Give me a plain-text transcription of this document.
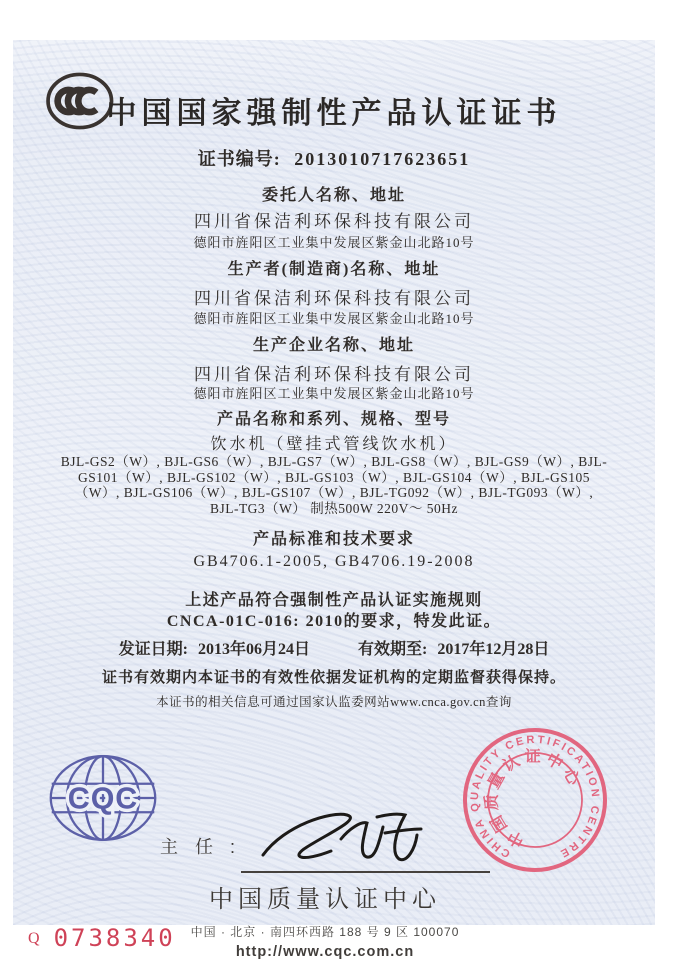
中国国家强制性产品认证证书
证书编号: 2013010717623651
委托人名称、地址
四川省保洁利环保科技有限公司
德阳市旌阳区工业集中发展区紫金山北路10号
生产者(制造商)名称、地址
四川省保洁利环保科技有限公司
德阳市旌阳区工业集中发展区紫金山北路10号
生产企业名称、地址
四川省保洁利环保科技有限公司
德阳市旌阳区工业集中发展区紫金山北路10号
产品名称和系列、规格、型号
饮水机（壁挂式管线饮水机）
BJL-GS2（W）, BJL-GS6（W）, BJL-GS7（W）, BJL-GS8（W）, BJL-GS9（W）, BJL-
GS101（W）, BJL-GS102（W）, BJL-GS103（W）, BJL-GS104（W）, BJL-GS105
（W）, BJL-GS106（W）, BJL-GS107（W）, BJL-TG092（W）, BJL-TG093（W）,
BJL-TG3（W） 制热500W 220V～ 50Hz
产品标准和技术要求
GB4706.1-2005, GB4706.19-2008
上述产品符合强制性产品认证实施规则
CNCA-01C-016: 2010的要求，特发此证。
发证日期: 2013年06月24日	有效期至: 2017年12月28日
证书有效期内本证书的有效性依据发证机构的定期监督获得保持。
本证书的相关信息可通过国家认监委网站www.cnca.gov.cn查询
CQC
主 任 :
中国质量认证中心
中国 · 北京 · 南四环西路 188 号 9 区 100070
http://www.cqc.com.cn
CHINA QUALITY CERTIFICATION CENTRE
中国质量认证中心
Q 0738340
